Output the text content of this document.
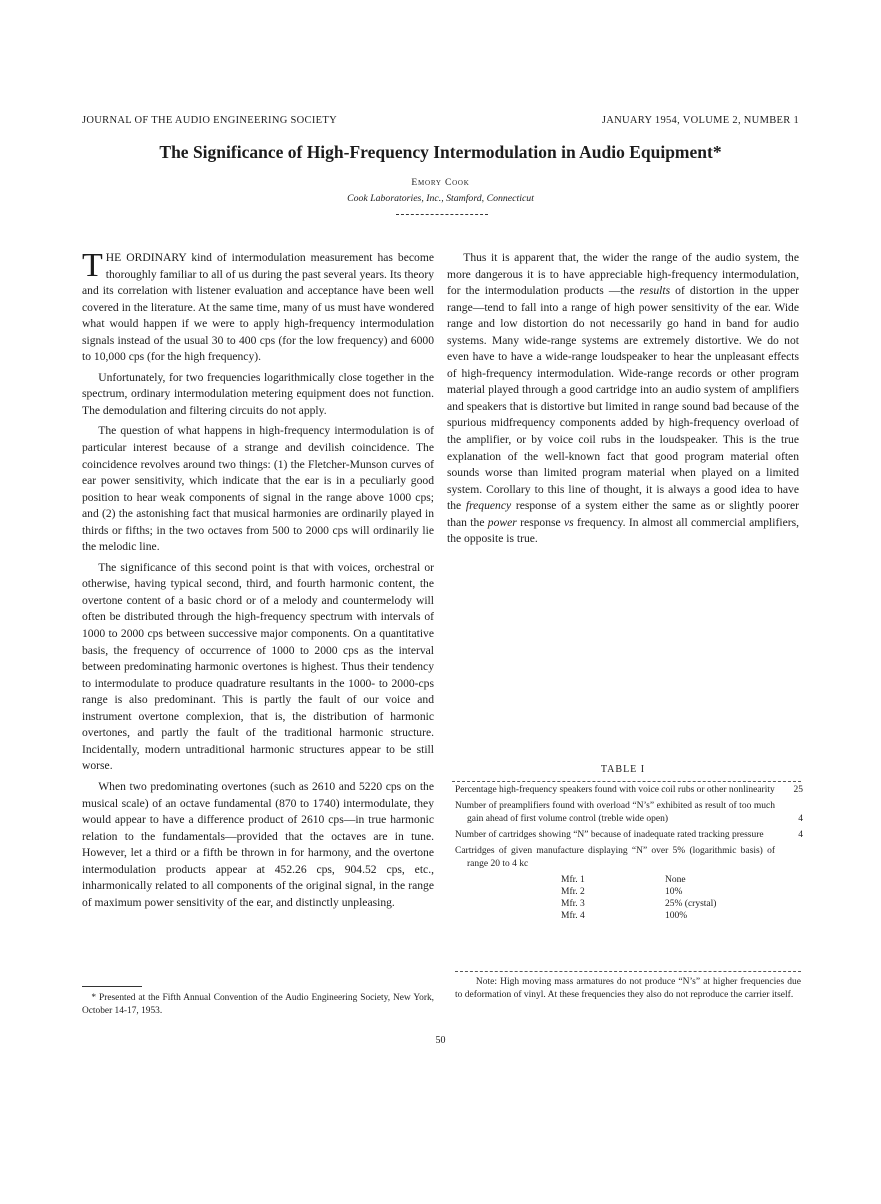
JOURNAL OF THE AUDIO ENGINEERING SOCIETY	JANUARY 1954, VOLUME 2, NUMBER 1
The Significance of High-Frequency Intermodulation in Audio Equipment*
Emory Cook
Cook Laboratories, Inc., Stamford, Connecticut

THE ORDINARY kind of intermodulation measurement has become thoroughly familiar to all of us during the past several years. Its theory and its correlation with listener evaluation and acceptance have been well covered in the literature. At the same time, many of us must have wondered what would happen if we were to apply high-frequency intermodulation signals instead of the usual 30 to 400 cps (for the low frequency) and 6000 to 10,000 cps (for the high frequency).

Unfortunately, for two frequencies logarithmically close together in the spectrum, ordinary intermodulation metering equipment does not function. The demodulation and filtering circuits do not apply.

The question of what happens in high-frequency intermodulation is of particular interest because of a strange and devilish coincidence. The coincidence revolves around two things: (1) the Fletcher-Munson curves of ear power sensitivity, which indicate that the ear is in a peculiarly good position to hear weak components of signal in the range above 1000 cps; and (2) the astonishing fact that musical harmonies are ordinarily played in thirds or fifths; in the two octaves from 500 to 2000 cps will ordinarily lie the melodic line.

The significance of this second point is that with voices, orchestral or otherwise, having typical second, third, and fourth harmonic content, the overtone content of a basic chord or of a melody and countermelody will often be distributed through the high-frequency spectrum with intervals of 1000 to 2000 cps between successive major components. On a quantitative basis, the frequency of occurrence of 1000 to 2000 cps as the interval between predominating harmonic overtones is highest. Thus their tendency to intermodulate to produce quadrature resultants in the 1000- to 2000-cps range is also predominant. This is partly the fault of our voice and instrument overtone complexion, that is, the distribution of harmonic overtones, and partly the fault of the traditional harmonic structure. Incidentally, modern untraditional harmonic structures appear to be still worse.

When two predominating overtones (such as 2610 and 5220 cps on the musical scale) of an octave fundamental (870 to 1740) intermodulate, they would appear to have a difference product of 2610 cps—in true harmonic relation to the fundamentals—provided that the octaves are in tune. However, let a third or a fifth be thrown in for harmony, and the overtone intermodulation products appear at 452.26 cps, 904.52 cps, etc., inharmonically related to all components of the original signal, in the range of maximum power sensitivity of the ear, and distinctly unpleasing.

Thus it is apparent that, the wider the range of the audio system, the more dangerous it is to have appreciable high-frequency intermodulation, for the intermodulation products —the results of distortion in the upper range—tend to fall into a range of high power sensitivity of the ear. Wide range and low distortion do not necessarily go hand in band for audio systems. Many wide-range systems are extremely distortive. We do not even have to have a wide-range loudspeaker to hear the unpleasant effects of high-frequency intermodulation. Wide-range records or other program material played through a good cartridge into an audio system of amplifiers and speakers that is distortive but limited in range sound bad because of the spurious midfrequency components added by high-frequency overload of the amplifier, or by voice coil rubs in the loudspeaker. This is the true explanation of the well-known fact that good program material often sounds worse than limited program material when played on a limited system. Corollary to this line of thought, it is always a good idea to have the frequency response of a system either the same as or slightly poorer than the power response vs frequency. In almost all commercial amplifiers, the opposite is true.

* Presented at the Fifth Annual Convention of the Audio Engineering Society, New York, October 14-17, 1953.
TABLE I
Percentage high-frequency speakers found with voice coil rubs or other nonlinearity 25
Number of preamplifiers found with overload “N’s” exhibited as result of too much gain ahead of first volume control (treble wide open)	4
Number of cartridges showing “N” because of inadequate rated tracking pressure	4
Cartridges of given manufacture displaying “N” over 5% (logarithmic basis) of range 20 to 4 kc
Mfr. 1	None
Mfr. 2	10%
Mfr. 3	25% (crystal)
Mfr. 4	100%
Note: High moving mass armatures do not produce “N’s” at higher frequencies due to deformation of vinyl. At these frequencies they also do not reproduce the carrier itself.
50
